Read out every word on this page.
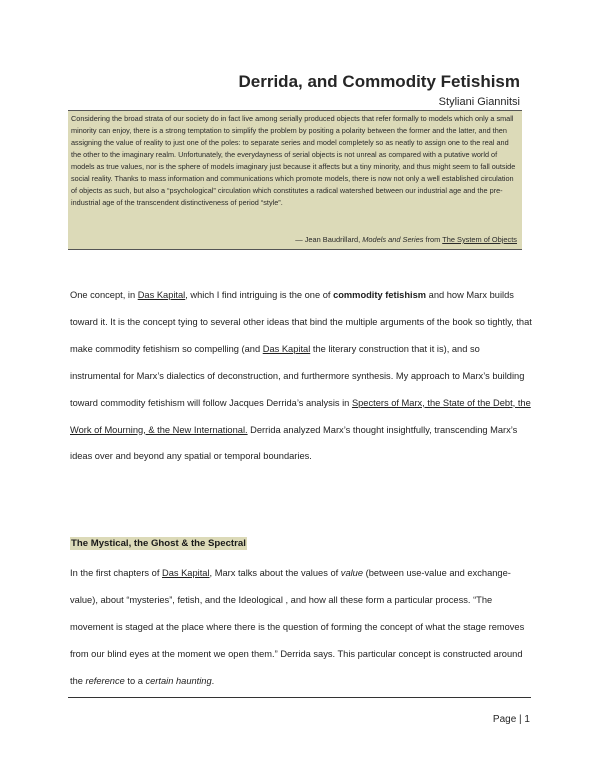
Derrida, and Commodity Fetishism
Styliani Giannitsi

Considering the broad strata of our society do in fact live among serially produced objects that refer formally to models which only a small minority can enjoy, there is a strong temptation to simplify the problem by positing a polarity between the former and the latter, and then assigning the value of reality to just one of the poles: to separate series and model completely so as neatly to assign one to the real and the other to the imaginary realm. Unfortunately, the everydayness of serial objects is not unreal as compared with a putative world of models as true values, nor is the sphere of models imaginary just because it affects but a tiny minority, and thus might seem to fall outside social reality. Thanks to mass information and communications which promote models, there is now not only a well established circulation of objects as such, but also a “psychological” circulation which constitutes a radical watershed between our industrial age and the pre-industrial age of the transcendent distinctiveness of period “style”.

— Jean Baudrillard, Models and Series from The System of Objects

One concept, in Das Kapital, which I find intriguing is the one of commodity fetishism and how Marx builds toward it. It is the concept tying to several other ideas that bind the multiple arguments of the book so tightly, that make commodity fetishism so compelling (and Das Kapital the literary construction that it is), and so instrumental for Marx’s dialectics of deconstruction, and furthermore synthesis. My approach to Marx’s building toward commodity fetishism will follow Jacques Derrida’s analysis in Specters of Marx, the State of the Debt, the Work of Mourning, & the New International. Derrida analyzed Marx’s thought insightfully, transcending Marx’s ideas over and beyond any spatial or temporal boundaries.

The Mystical, the Ghost & the Spectral

In the first chapters of Das Kapital, Marx talks about the values of value (between use-value and exchange-value), about “mysteries”, fetish, and the Ideological , and how all these form a particular process. “The movement is staged at the place where there is the question of forming the concept of what the stage removes from our blind eyes at the moment we open them.” Derrida says. This particular concept is constructed around the reference to a certain haunting.

Page | 1
